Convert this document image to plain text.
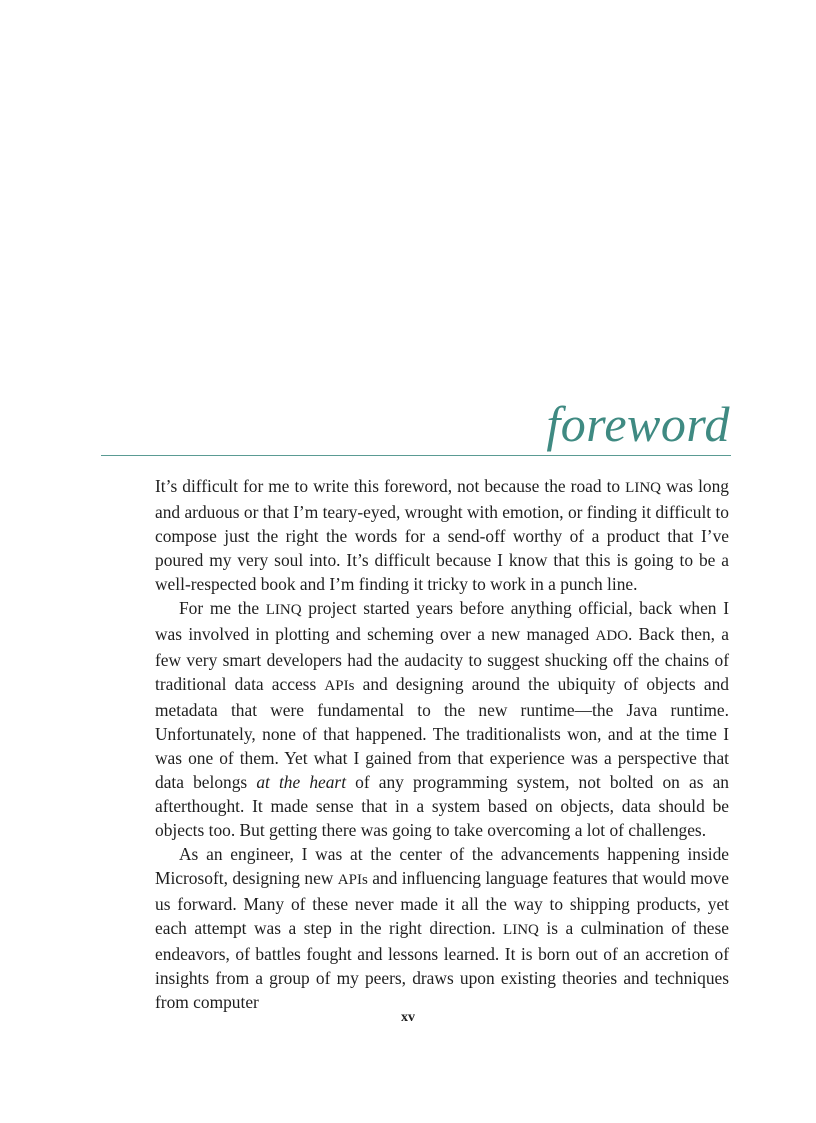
foreword

It’s difficult for me to write this foreword, not because the road to LINQ was long and arduous or that I’m teary-eyed, wrought with emotion, or finding it difficult to compose just the right the words for a send-off worthy of a product that I’ve poured my very soul into. It’s difficult because I know that this is going to be a well-respected book and I’m finding it tricky to work in a punch line.

For me the LINQ project started years before anything official, back when I was involved in plotting and scheming over a new managed ADO. Back then, a few very smart developers had the audacity to suggest shucking off the chains of traditional data access APIs and designing around the ubiquity of objects and metadata that were fundamental to the new runtime—the Java runtime. Unfortunately, none of that happened. The traditionalists won, and at the time I was one of them. Yet what I gained from that experience was a perspective that data belongs at the heart of any programming system, not bolted on as an afterthought. It made sense that in a system based on objects, data should be objects too. But getting there was going to take overcoming a lot of challenges.

As an engineer, I was at the center of the advancements happening inside Microsoft, designing new APIs and influencing language features that would move us forward. Many of these never made it all the way to shipping products, yet each attempt was a step in the right direction. LINQ is a culmination of these endeavors, of battles fought and lessons learned. It is born out of an accretion of insights from a group of my peers, draws upon existing theories and techniques from computer

xv
